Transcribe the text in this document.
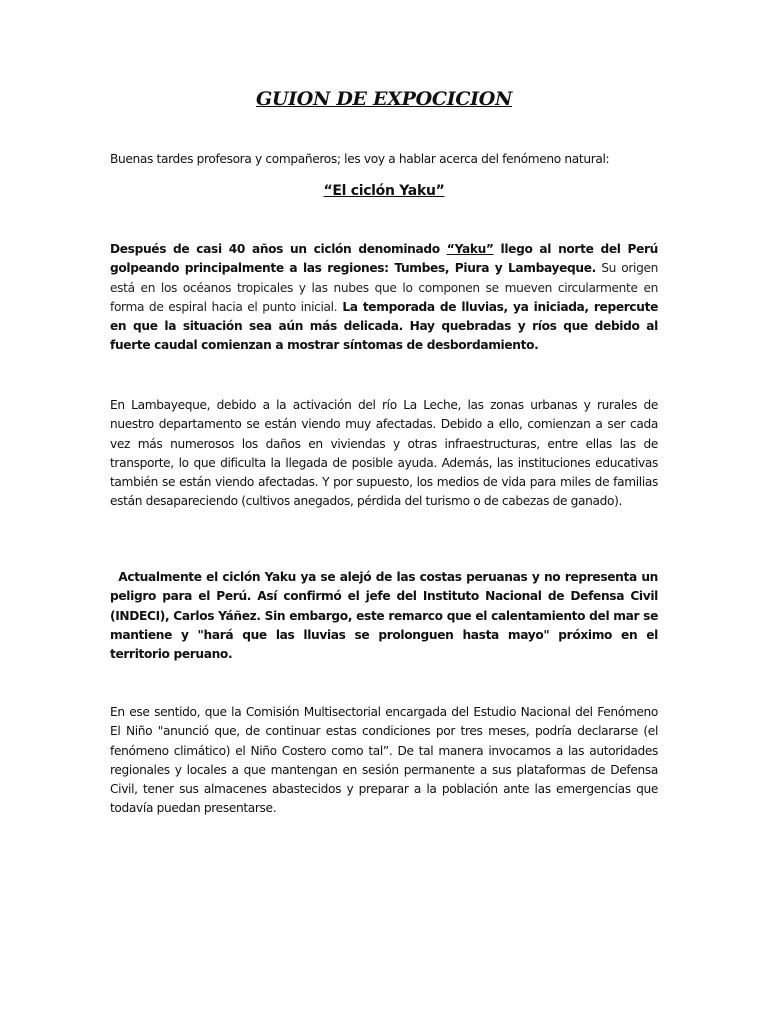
GUION DE EXPOCICION

Buenas tardes profesora y compañeros; les voy a hablar acerca del fenómeno natural:

“El ciclón Yaku”

Después de casi 40 años un ciclón denominado “Yaku” llego al norte del Perú golpeando principalmente a las regiones: Tumbes, Piura y Lambayeque. Su origen está en los océanos tropicales y las nubes que lo componen se mueven circularmente en forma de espiral hacia el punto inicial. La temporada de lluvias, ya iniciada, repercute en que la situación sea aún más delicada. Hay quebradas y ríos que debido al fuerte caudal comienzan a mostrar síntomas de desbordamiento.

En Lambayeque, debido a la activación del río La Leche, las zonas urbanas y rurales de nuestro departamento se están viendo muy afectadas. Debido a ello, comienzan a ser cada vez más numerosos los daños en viviendas y otras infraestructuras, entre ellas las de transporte, lo que dificulta la llegada de posible ayuda. Además, las instituciones educativas también se están viendo afectadas. Y por supuesto, los medios de vida para miles de familias están desapareciendo (cultivos anegados, pérdida del turismo o de cabezas de ganado).

Actualmente el ciclón Yaku ya se alejó de las costas peruanas y no representa un peligro para el Perú. Así confirmó el jefe del Instituto Nacional de Defensa Civil (INDECI), Carlos Yáñez. Sin embargo, este remarco que el calentamiento del mar se mantiene y "hará que las lluvias se prolonguen hasta mayo" próximo en el territorio peruano.

En ese sentido, que la Comisión Multisectorial encargada del Estudio Nacional del Fenómeno El Niño "anunció que, de continuar estas condiciones por tres meses, podría declararse (el fenómeno climático) el Niño Costero como tal”. De tal manera invocamos a las autoridades regionales y locales a que mantengan en sesión permanente a sus plataformas de Defensa Civil, tener sus almacenes abastecidos y preparar a la población ante las emergencias que todavía puedan presentarse.
